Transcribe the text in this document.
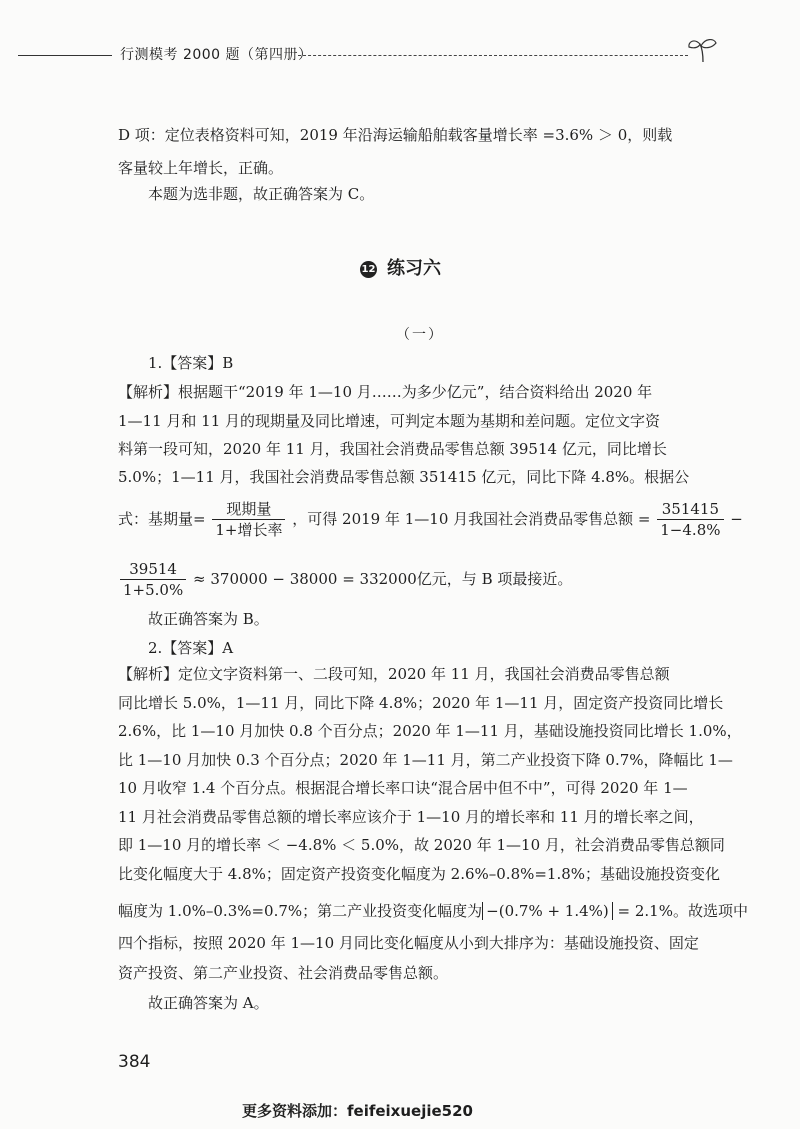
行测模考 2000 题（第四册）
D 项：定位表格资料可知，2019 年沿海运输船舶载客量增长率 =3.6% ＞ 0，则载
客量较上年增长，正确。
本题为选非题，故正确答案为 C。
12 练习六
（一）
1.【答案】B
【解析】根据题干“2019 年 1—10 月……为多少亿元”，结合资料给出 2020 年
1—11 月和 11 月的现期量及同比增速，可判定本题为基期和差问题。定位文字资
料第一段可知，2020 年 11 月，我国社会消费品零售总额 39514 亿元，同比增长
5.0%；1—11 月，我国社会消费品零售总额 351415 亿元，同比下降 4.8%。根据公
式：基期量= $\frac{\text{现期量}}{\text{1+增长率}}$ ，可得 2019 年 1—10 月我国社会消费品零售总额 = $\frac{351415}{1-4.8\%}$ −
$\frac{39514}{1+5.0\%} \approx 370000 - 38000 = 332000$亿元，与 B 项最接近。
故正确答案为 B。
2.【答案】A
【解析】定位文字资料第一、二段可知，2020 年 11 月，我国社会消费品零售总额
同比增长 5.0%，1—11 月，同比下降 4.8%；2020 年 1—11 月，固定资产投资同比增长
2.6%，比 1—10 月加快 0.8 个百分点；2020 年 1—11 月，基础设施投资同比增长 1.0%，
比 1—10 月加快 0.3 个百分点；2020 年 1—11 月，第二产业投资下降 0.7%，降幅比 1—
10 月收窄 1.4 个百分点。根据混合增长率口诀“混合居中但不中”，可得 2020 年 1—
11 月社会消费品零售总额的增长率应该介于 1—10 月的增长率和 11 月的增长率之间，
即 1—10 月的增长率 ＜ −4.8% ＜ 5.0%，故 2020 年 1—10 月，社会消费品零售总额同
比变化幅度大于 4.8%；固定资产投资变化幅度为 2.6%–0.8%=1.8%；基础设施投资变化
幅度为 1.0%–0.3%=0.7%；第二产业投资变化幅度为 −(0.7% + 1.4%) = 2.1%。故选项中
四个指标，按照 2020 年 1—10 月同比变化幅度从小到大排序为：基础设施投资、固定
资产投资、第二产业投资、社会消费品零售总额。
故正确答案为 A。
384
更多资料添加：feifeixuejie520
